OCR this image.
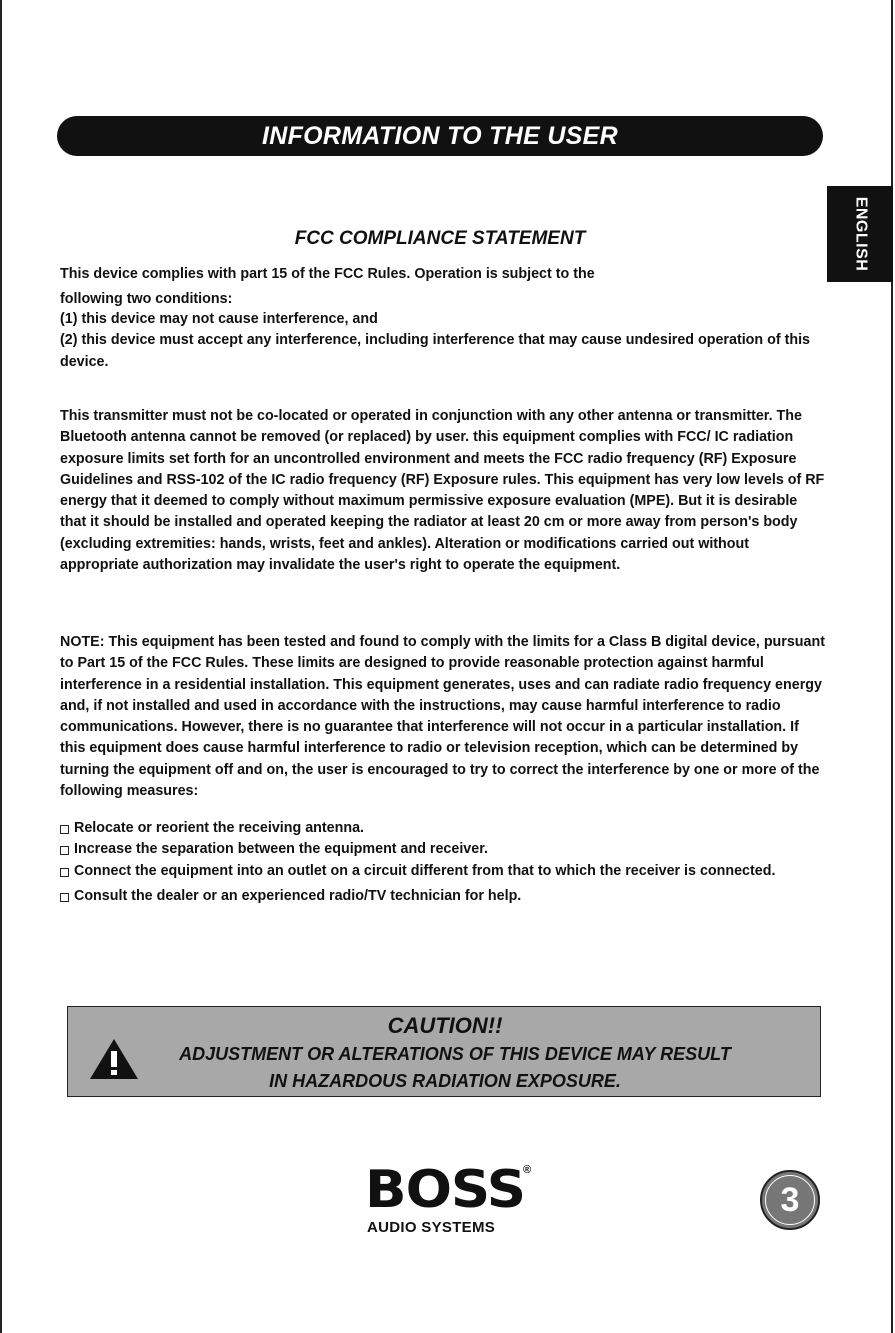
INFORMATION TO THE USER
ENGLISH
FCC COMPLIANCE STATEMENT

This device complies with part 15 of the FCC Rules. Operation is subject to the

following two conditions:

(1) this device may not cause interference, and

(2) this device must accept any interference, including interference that may cause undesired operation of this device.

This transmitter must not be co-located or operated in conjunction with any other antenna or transmitter. The Bluetooth antenna cannot be removed (or replaced) by user. this equipment complies with FCC/ IC radiation exposure limits set forth for an uncontrolled environment and meets the FCC radio frequency (RF) Exposure Guidelines and RSS-102 of the IC radio frequency (RF) Exposure rules. This equipment has very low levels of RF energy that it deemed to comply without maximum permissive exposure evaluation (MPE). But it is desirable that it should be installed and operated keeping the radiator at least 20 cm or more away from person's body (excluding extremities: hands, wrists, feet and ankles). Alteration or modifications carried out without appropriate authorization may invalidate the user's right to operate the equipment.

NOTE: This equipment has been tested and found to comply with the limits for a Class B digital device, pursuant to Part 15 of the FCC Rules. These limits are designed to provide reasonable protection against harmful interference in a residential installation. This equipment generates, uses and can radiate radio frequency energy and, if not installed and used in accordance with the instructions, may cause harmful interference to radio communications. However, there is no guarantee that interference will not occur in a particular installation. If this equipment does cause harmful interference to radio or television reception, which can be determined by turning the equipment off and on, the user is encouraged to try to correct the interference by one or more of the following measures:

Relocate or reorient the receiving antenna.
Increase the separation between the equipment and receiver.
Connect the equipment into an outlet on a circuit different from that to which the receiver is connected.
Consult the dealer or an experienced radio/TV technician for help.
CAUTION!!
ADJUSTMENT OR ALTERATIONS OF THIS DEVICE MAY RESULT
IN HAZARDOUS RADIATION EXPOSURE.
BOSS
®
AUDIO SYSTEMS
3
